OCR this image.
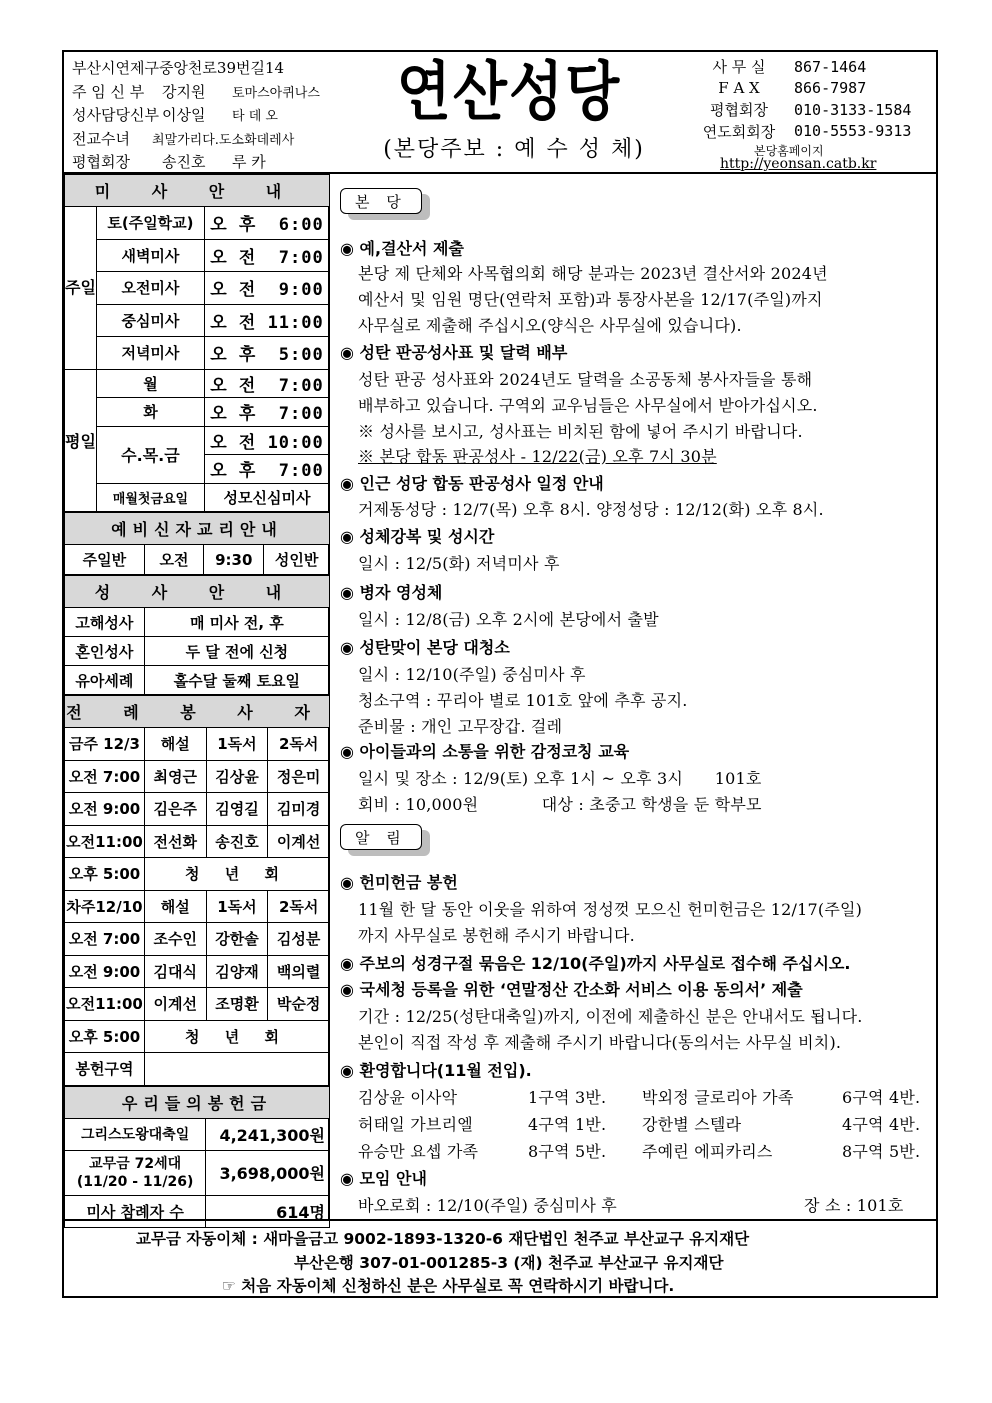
부산시연제구중앙천로39번길14
주 임 신 부	강지원	토마스아퀴나스
성사담당신부 이상일	타 데 오
전교수녀	최말가리다.도소화데레사
평협회장	송진호	루 카
연산성당
(본당주보 : 예 수 성 체)
사 무 실	867-1464
F A X	866-7987
평협회장	010-3133-1584
연도회회장	010-5553-9313
본당홈페이지
http://yeonsan.catb.kr
미 사 안 내		
주일	토(주일학교)	오 후 6:00
	새벽미사	오 전 7:00
	오전미사	오 전 9:00
	중심미사	오 전 11:00
	저녁미사	오 후 5:00
평일	월	오 전 7:00
	화	오 후 7:00
	수.목.금	오 전 10:00
		오 후 7:00
	매월첫금요일	성모신심미사
예비신자교리안내
주일반	오전	9:30	성인반
성 사 안 내	
고해성사	매 미사 전, 후
혼인성사	두 달 전에 신청
유아세례	홀수달 둘째 토요일
전 례 봉 사 자			
금주 12/3	해설	1독서	2독서
오전 7:00	최영근	김상윤	정은미
오전 9:00	김은주	김영길	김미경
오전11:00	전선화	송진호	이계선
오후 5:00	청 년 회		
차주12/10	해설	1독서	2독서
오전 7:00	조수인	강한솔	김성분
오전 9:00	김대식	김양재	백의렬
오전11:00	이계선	조명환	박순정
오후 5:00	청 년 회		
봉헌구역			
우리들의봉헌금	
그리스도왕대축일	4,241,300원
교무금 72세대
(11/20 - 11/26)	3,698,000원
미사 참례자 수	614명
본 당
◉ 예,결산서 제출
본당 제 단체와 사목협의회 해당 분과는 2023년 결산서와 2024년
예산서 및 임원 명단(연락처 포함)과 통장사본을 12/17(주일)까지
사무실로 제출해 주십시오(양식은 사무실에 있습니다).
◉ 성탄 판공성사표 및 달력 배부
성탄 판공 성사표와 2024년도 달력을 소공동체 봉사자들을 통해
배부하고 있습니다. 구역외 교우님들은 사무실에서 받아가십시오.
※ 성사를 보시고, 성사표는 비치된 함에 넣어 주시기 바랍니다.
※ 본당 합동 판공성사 - 12/22(금) 오후 7시 30분
◉ 인근 성당 합동 판공성사 일정 안내
거제동성당 : 12/7(목) 오후 8시. 양정성당 : 12/12(화) 오후 8시.
◉ 성체강복 및 성시간
일시 : 12/5(화) 저녁미사 후
◉ 병자 영성체
일시 : 12/8(금) 오후 2시에 본당에서 출발
◉ 성탄맞이 본당 대청소
일시 : 12/10(주일) 중심미사 후
청소구역 : 꾸리아 별로 101호 앞에 추후 공지.
준비물 : 개인 고무장갑. 걸레
◉ 아이들과의 소통을 위한 감정코칭 교육
일시 및 장소 : 12/9(토) 오후 1시 ~ 오후 3시      101호
회비 : 10,000원            대상 : 초중고 학생을 둔 학부모
알 림
◉ 헌미헌금 봉헌
11월 한 달 동안 이웃을 위하여 정성껏 모으신 헌미헌금은 12/17(주일)
까지 사무실로 봉헌해 주시기 바랍니다.
◉ 주보의 성경구절 묶음은 12/10(주일)까지 사무실로 접수해 주십시오.
◉ 국세청 등록을 위한 ‘연말정산 간소화 서비스 이용 동의서’ 제출
기간 : 12/25(성탄대축일)까지, 이전에 제출하신 분은 안내서도 됩니다.
본인이 직접 작성 후 제출해 주시기 바랍니다(동의서는 사무실 비치).
◉ 환영합니다(11월 전입).
김상윤 이사악	1구역 3반. 박외정 글로리아 가족	6구역 4반.
허태일 가브리엘	4구역 1반. 강한별 스텔라	4구역 4반.
유승만 요셉 가족	8구역 5반. 주예린 에피카리스	8구역 5반.
◉ 모임 안내
바오로회 : 12/10(주일) 중심미사 후	장 소 : 101호
교무금 자동이체 : 새마을금고 9002-1893-1320-6 재단법인 천주교 부산교구 유지재단
부산은행 307-01-001285-3 (재) 천주교 부산교구 유지재단
☞ 처음 자동이체 신청하신 분은 사무실로 꼭 연락하시기 바랍니다.
